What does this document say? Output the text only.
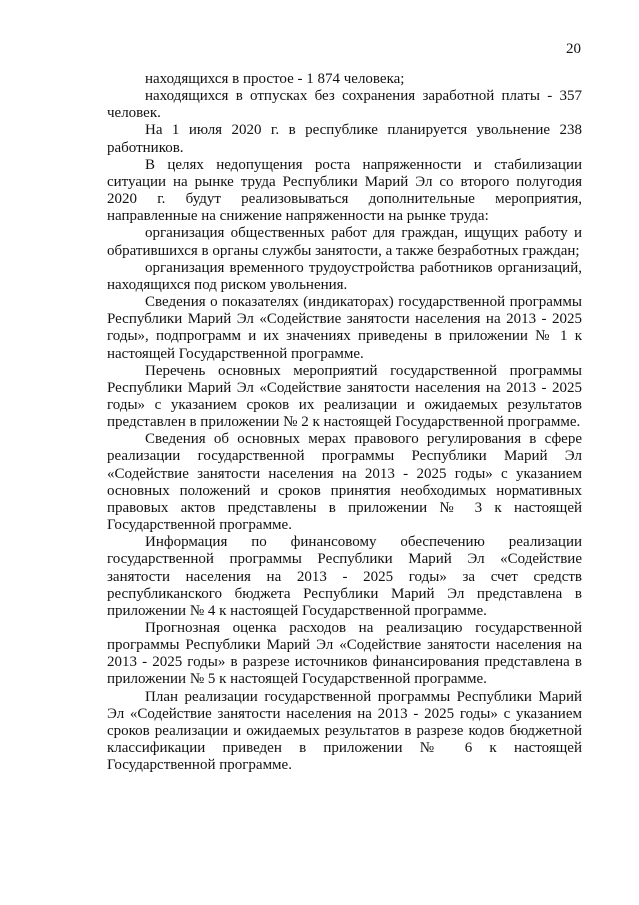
20

находящихся в простое - 1 874 человека;

находящихся в отпусках без сохранения заработной платы - 357 человек.

На 1 июля 2020 г. в республике планируется увольнение 238 работников.

В целях недопущения роста напряженности и стабилизации ситуации на рынке труда Республики Марий Эл со второго полугодия 2020 г. будут реализовываться дополнительные мероприятия, направленные на снижение напряженности на рынке труда:

организация общественных работ для граждан, ищущих работу и обратившихся в органы службы занятости, а также безработных граждан;

организация временного трудоустройства работников организаций, находящихся под риском увольнения.

Сведения о показателях (индикаторах) государственной программы Республики Марий Эл «Содействие занятости населения на 2013 - 2025 годы», подпрограмм и их значениях приведены в приложении № 1 к настоящей Государственной программе.

Перечень основных мероприятий государственной программы Республики Марий Эл «Содействие занятости населения на 2013 - 2025 годы» с указанием сроков их реализации и ожидаемых результатов представлен в приложении № 2 к настоящей Государственной программе.

Сведения об основных мерах правового регулирования в сфере реализации государственной программы Республики Марий Эл «Содействие занятости населения на 2013 - 2025 годы» с указанием основных положений и сроков принятия необходимых нормативных правовых актов представлены в приложении № 3 к настоящей Государственной программе.

Информация по финансовому обеспечению реализации государственной программы Республики Марий Эл «Содействие занятости населения на 2013 - 2025 годы» за счет средств республиканского бюджета Республики Марий Эл представлена в приложении № 4 к настоящей Государственной программе.

Прогнозная оценка расходов на реализацию государственной программы Республики Марий Эл «Содействие занятости населения на 2013 - 2025 годы» в разрезе источников финансирования представлена в приложении № 5 к настоящей Государственной программе.

План реализации государственной программы Республики Марий Эл «Содействие занятости населения на 2013 - 2025 годы» с указанием сроков реализации и ожидаемых результатов в разрезе кодов бюджетной классификации приведен в приложении № 6 к настоящей Государственной программе.
